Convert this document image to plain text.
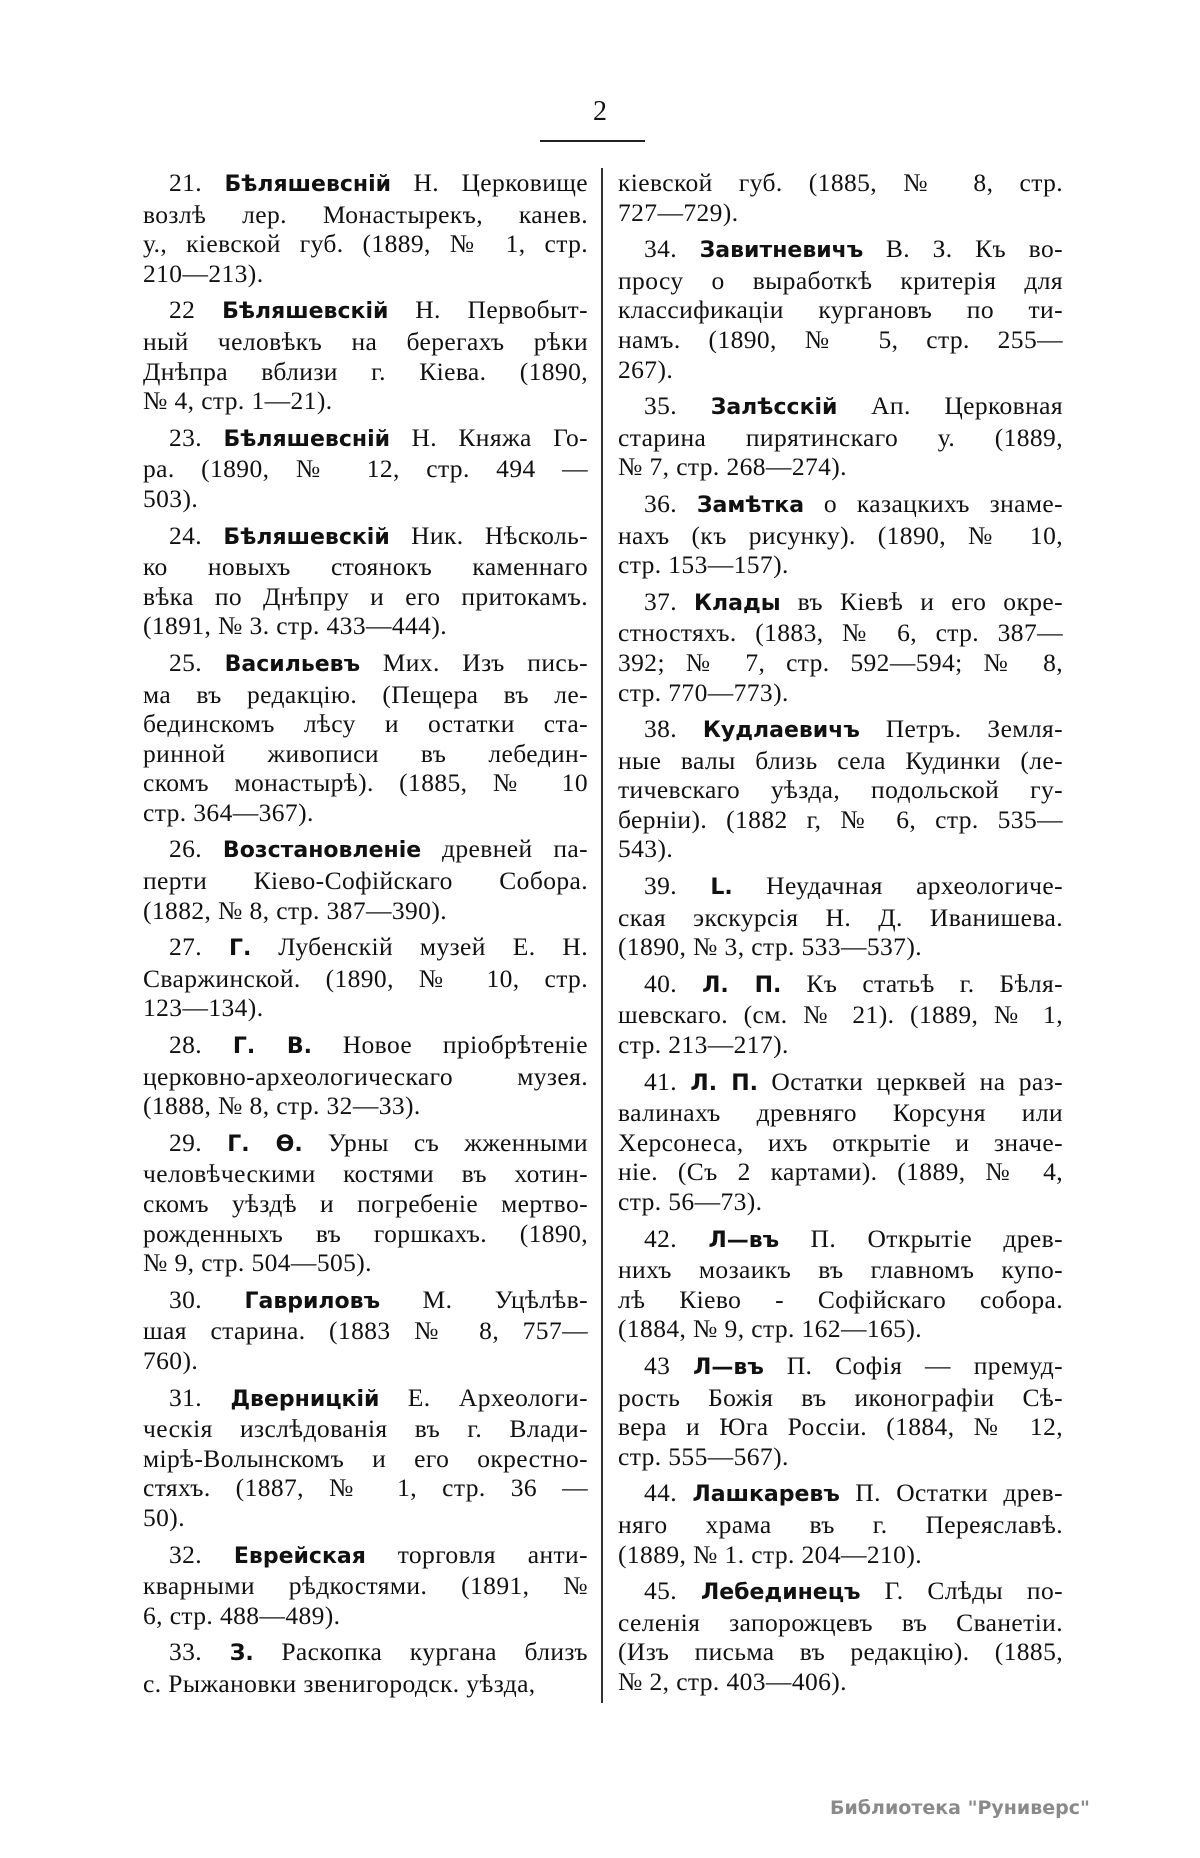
2
21. Бѣляшевсній Н. Церковище
возлѣ лер. Монастырекъ, канев.
у., кіевской губ. (1889, № 1, стр.
210—213).
22 Бѣляшевскій Н. Первобыт-
ный человѣкъ на берегахъ рѣки
Днѣпра вблизи г. Кіева. (1890,
№ 4, стр. 1—21).
23. Бѣляшевсній Н. Княжа Го-
ра. (1890, № 12, стр. 494 —
503).
24. Бѣляшевскій Ник. Нѣсколь-
ко новыхъ стоянокъ каменнаго
вѣка по Днѣпру и его притокамъ.
(1891, № 3. стр. 433—444).
25. Васильевъ Мих. Изъ пись-
ма въ редакцію. (Пещера въ ле-
бединскомъ лѣсу и остатки ста-
ринной живописи въ лебедин-
скомъ монастырѣ). (1885, № 10
стр. 364—367).
26. Возстановленіе древней па-
перти Кіево-Софійскаго Собора.
(1882, № 8, стр. 387—390).
27. Г. Лубенскій музей Е. Н.
Сваржинской. (1890, № 10, стр.
123—134).
28. Г. В. Новое пріобрѣтеніе
церковно-археологическаго музея.
(1888, № 8, стр. 32—33).
29. Г. Ѳ. Урны съ жженными
человѣческими костями въ хотин-
скомъ уѣздѣ и погребеніе мертво-
рожденныхъ въ горшкахъ. (1890,
№ 9, стр. 504—505).
30. Гавриловъ М. Уцѣлѣв-
шая старина. (1883 № 8, 757—
760).
31. Дверницкій Е. Археологи-
ческія изслѣдованія въ г. Влади-
мірѣ-Волынскомъ и его окрестно-
стяхъ. (1887, № 1, стр. 36 —
50).
32. Еврейская торговля анти-
кварными рѣдкостями. (1891, №
6, стр. 488—489).
33. З. Раскопка кургана близъ
с. Рыжановки звенигородск. уѣзда,
кіевской губ. (1885, № 8, стр.
727—729).
34. Завитневичъ В. З. Къ во-
просу о выработкѣ критерія для
классификаціи кургановъ по ти-
намъ. (1890, № 5, стр. 255—
267).
35. Залѣсскій Ап. Церковная
старина пирятинскаго у. (1889,
№ 7, стр. 268—274).
36. Замѣтка о казацкихъ знаме-
нахъ (къ рисунку). (1890, № 10,
стр. 153—157).
37. Клады въ Кіевѣ и его окре-
стностяхъ. (1883, № 6, стр. 387—
392; № 7, стр. 592—594; № 8,
стр. 770—773).
38. Кудлаевичъ Петръ. Земля-
ные валы близь села Кудинки (ле-
тичевскаго уѣзда, подольской гу-
берніи). (1882 г, № 6, стр. 535—
543).
39. L. Неудачная археологиче-
ская экскурсія Н. Д. Иванишева.
(1890, № 3, стр. 533—537).
40. Л. П. Къ статьѣ г. Бѣля-
шевскаго. (см. № 21). (1889, № 1,
стр. 213—217).
41. Л. П. Остатки церквей на раз-
валинахъ древняго Корсуня или
Херсонеса, ихъ открытіе и значе-
ніе. (Съ 2 картами). (1889, № 4,
стр. 56—73).
42. Л—въ П. Открытіе древ-
нихъ мозаикъ въ главномъ купо-
лѣ Кіево - Софійскаго собора.
(1884, № 9, стр. 162—165).
43 Л—въ П. Софія — премуд-
рость Божія въ иконографіи Сѣ-
вера и Юга Россіи. (1884, № 12,
стр. 555—567).
44. Лашкаревъ П. Остатки древ-
няго храма въ г. Переяславѣ.
(1889, № 1. стр. 204—210).
45. Лебединецъ Г. Слѣды по-
селенія запорожцевъ въ Сванетіи.
(Изъ письма въ редакцію). (1885,
№ 2, стр. 403—406).
Библиотека "Руниверс"
